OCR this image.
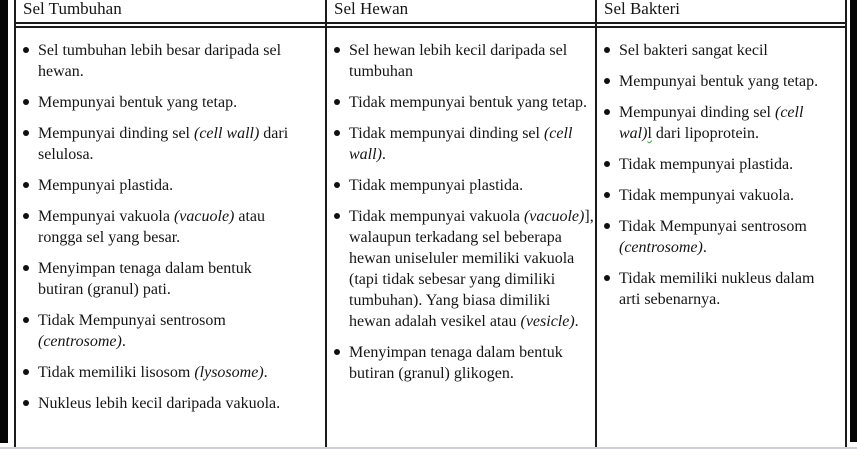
Sel Tumbuhan
Sel tumbuhan lebih besar daripada sel hewan.
Mempunyai bentuk yang tetap.
Mempunyai dinding sel (cell wall) dari selulosa.
Mempunyai plastida.
Mempunyai vakuola (vacuole) atau rongga sel yang besar.
Menyimpan tenaga dalam bentuk butiran (granul) pati.
Tidak Mempunyai sentrosom (centrosome).
Tidak memiliki lisosom (lysosome).
Nukleus lebih kecil daripada vakuola.
Sel Hewan
Sel hewan lebih kecil daripada sel tumbuhan
Tidak mempunyai bentuk yang tetap.
Tidak mempunyai dinding sel (cell wall).
Tidak mempunyai plastida.
Tidak mempunyai vakuola (vacuole)], walaupun terkadang sel beberapa hewan uniseluler memiliki vakuola (tapi tidak sebesar yang dimiliki tumbuhan). Yang biasa dimiliki hewan adalah vesikel atau (vesicle).
Menyimpan tenaga dalam bentuk butiran (granul) glikogen.
Sel Bakteri
Sel bakteri sangat kecil
Mempunyai bentuk yang tetap.
Mempunyai dinding sel (cell wal)l dari lipoprotein.
Tidak mempunyai plastida.
Tidak mempunyai vakuola.
Tidak Mempunyai sentrosom (centrosome).
Tidak memiliki nukleus dalam arti sebenarnya.
